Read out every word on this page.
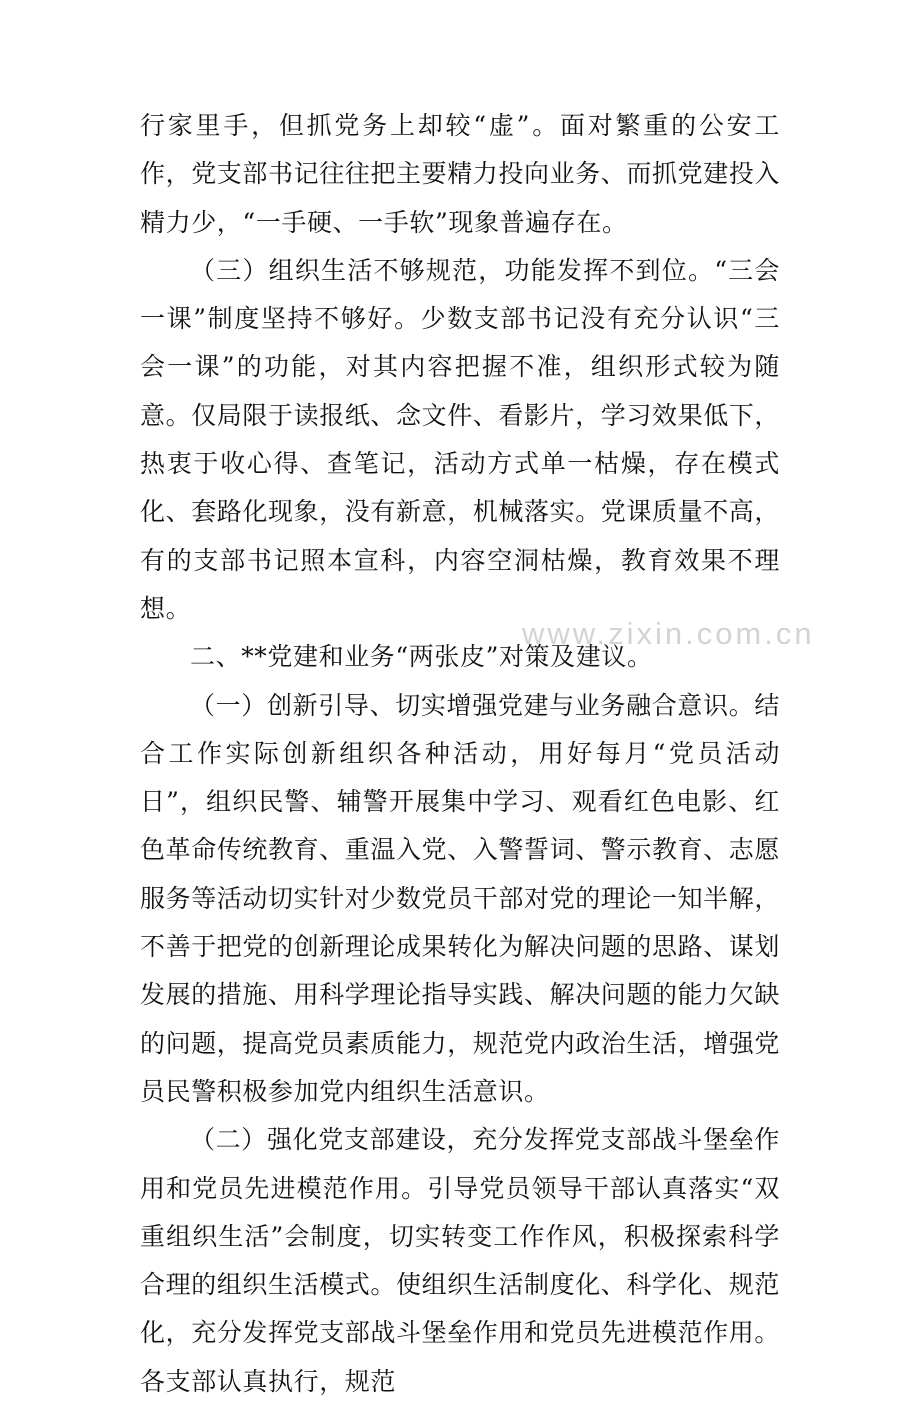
行家里手，但抓党务上却较“虚”。面对繁重的公安工作，党支部书记往往把主要精力投向业务、而抓党建投入精力少，“一手硬、一手软”现象普遍存在。

（三）组织生活不够规范，功能发挥不到位。“三会一课”制度坚持不够好。少数支部书记没有充分认识“三会一课”的功能，对其内容把握不准，组织形式较为随意。仅局限于读报纸、念文件、看影片，学习效果低下，热衷于收心得、查笔记，活动方式单一枯燥，存在模式化、套路化现象，没有新意，机械落实。党课质量不高，有的支部书记照本宣科，内容空洞枯燥，教育效果不理想。

二、**党建和业务“两张皮”对策及建议。

（一）创新引导、切实增强党建与业务融合意识。结合工作实际创新组织各种活动，用好每月“党员活动日”，组织民警、辅警开展集中学习、观看红色电影、红色革命传统教育、重温入党、入警誓词、警示教育、志愿服务等活动切实针对少数党员干部对党的理论一知半解，不善于把党的创新理论成果转化为解决问题的思路、谋划发展的措施、用科学理论指导实践、解决问题的能力欠缺的问题，提高党员素质能力，规范党内政治生活，增强党员民警积极参加党内组织生活意识。

（二）强化党支部建设，充分发挥党支部战斗堡垒作用和党员先进模范作用。引导党员领导干部认真落实“双重组织生活”会制度，切实转变工作作风，积极探索科学合理的组织生活模式。使组织生活制度化、科学化、规范化，充分发挥党支部战斗堡垒作用和党员先进模范作用。各支部认真执行，规范

www.zixin.com.cn
